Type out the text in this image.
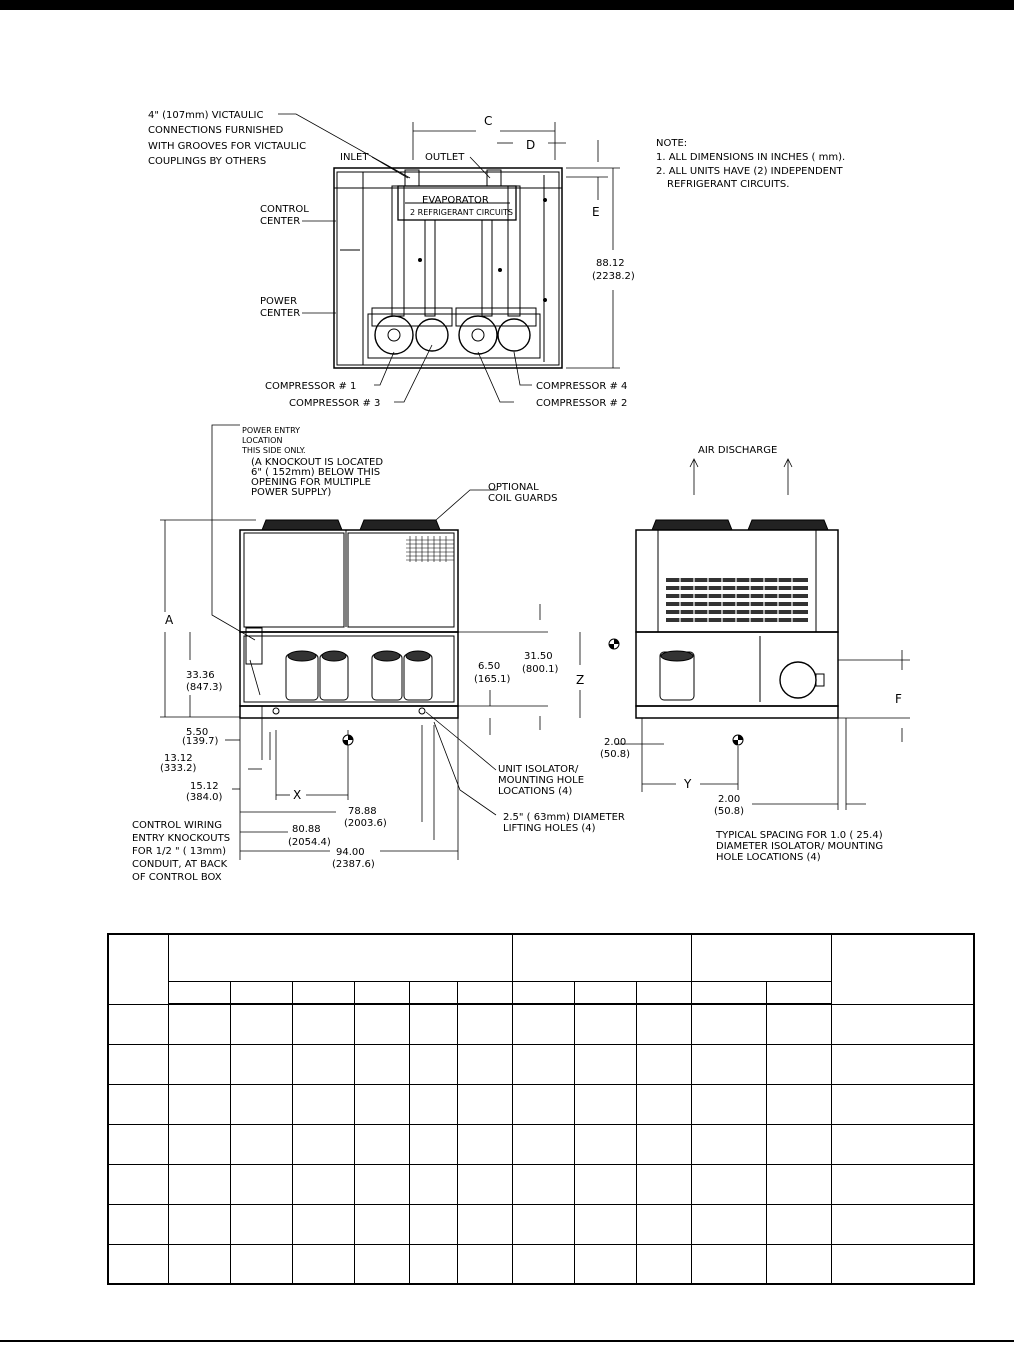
4" (107mm) VICTAULIC
CONNECTIONS FURNISHED
WITH GROOVES FOR VICTAULIC
COUPLINGS BY OTHERS	INLET	OUTLET
EVAPORATOR
2 REFRIGERANT CIRCUITS
CONTROL
CENTER
POWER
CENTER
C
D
E
88.12
(2238.2)
COMPRESSOR # 1
COMPRESSOR # 3
COMPRESSOR # 4
COMPRESSOR # 2
NOTE:
1. ALL DIMENSIONS IN INCHES ( mm).
2. ALL UNITS HAVE (2) INDEPENDENT
REFRIGERANT CIRCUITS.
POWER ENTRY
LOCATION
THIS SIDE ONLY.
(A KNOCKOUT IS LOCATED
6" ( 152mm) BELOW THIS
OPENING FOR MULTIPLE
POWER SUPPLY)	OPTIONAL
COIL GUARDS
A
33.36
(847.3)
6.50
(165.1)
31.50
(800.1)
5.50
(139.7)
13.12
(333.2)
15.12
(384.0)	X
78.88
(2003.6)
80.88
(2054.4)
94.00
(2387.6)
CONTROL WIRING
ENTRY KNOCKOUTS
FOR 1/2 " ( 13mm)
CONDUIT, AT BACK
OF CONTROL BOX
UNIT ISOLATOR/
MOUNTING HOLE
LOCATIONS (4)
2.5" ( 63mm) DIAMETER
LIFTING HOLES (4)
AIR DISCHARGE
Z
F
Y
2.00
(50.8)
2.00
(50.8)
TYPICAL SPACING FOR 1.0 ( 25.4)
DIAMETER ISOLATOR/ MOUNTING
HOLE LOCATIONS (4)
